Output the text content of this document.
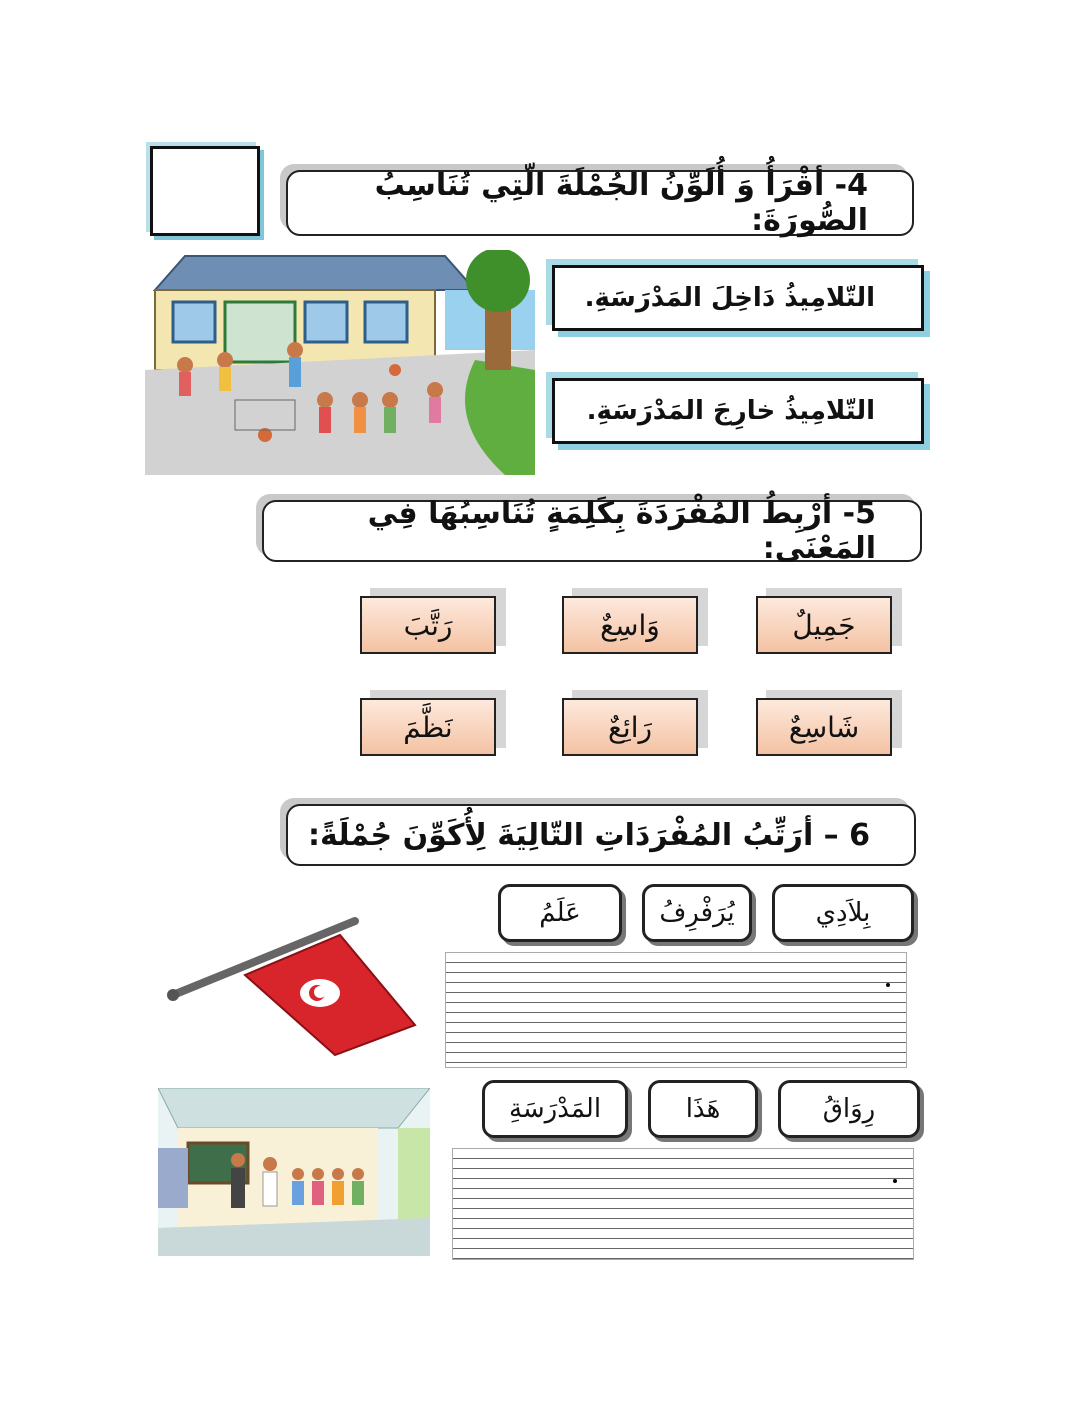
4- أقْرَأُ وَ أُلَوِّنُ الجُمْلَةَ الّتِي تُنَاسِبُ الصُّورَةَ:
التّلامِيذُ دَاخِلَ المَدْرَسَةِ.
التّلامِيذُ خارِجَ المَدْرَسَةِ.
5- أرْبِطُ المُفْرَدَةَ بِكَلِمَةٍ تُنَاسِبُهَا فِي المَعْنَى:
جَمِيلٌ
وَاسِعٌ
رَتَّبَ
شَاسِعٌ
رَائِعٌ
نَظَّمَ
6 – أرَتِّبُ المُفْرَدَاتِ التّالِيَةَ لِأُكَوِّنَ جُمْلَةً:
بِلاَدِي
يُرَفْرِفُ
عَلَمُ
رِوَاقُ
هَذَا
المَدْرَسَةِ
